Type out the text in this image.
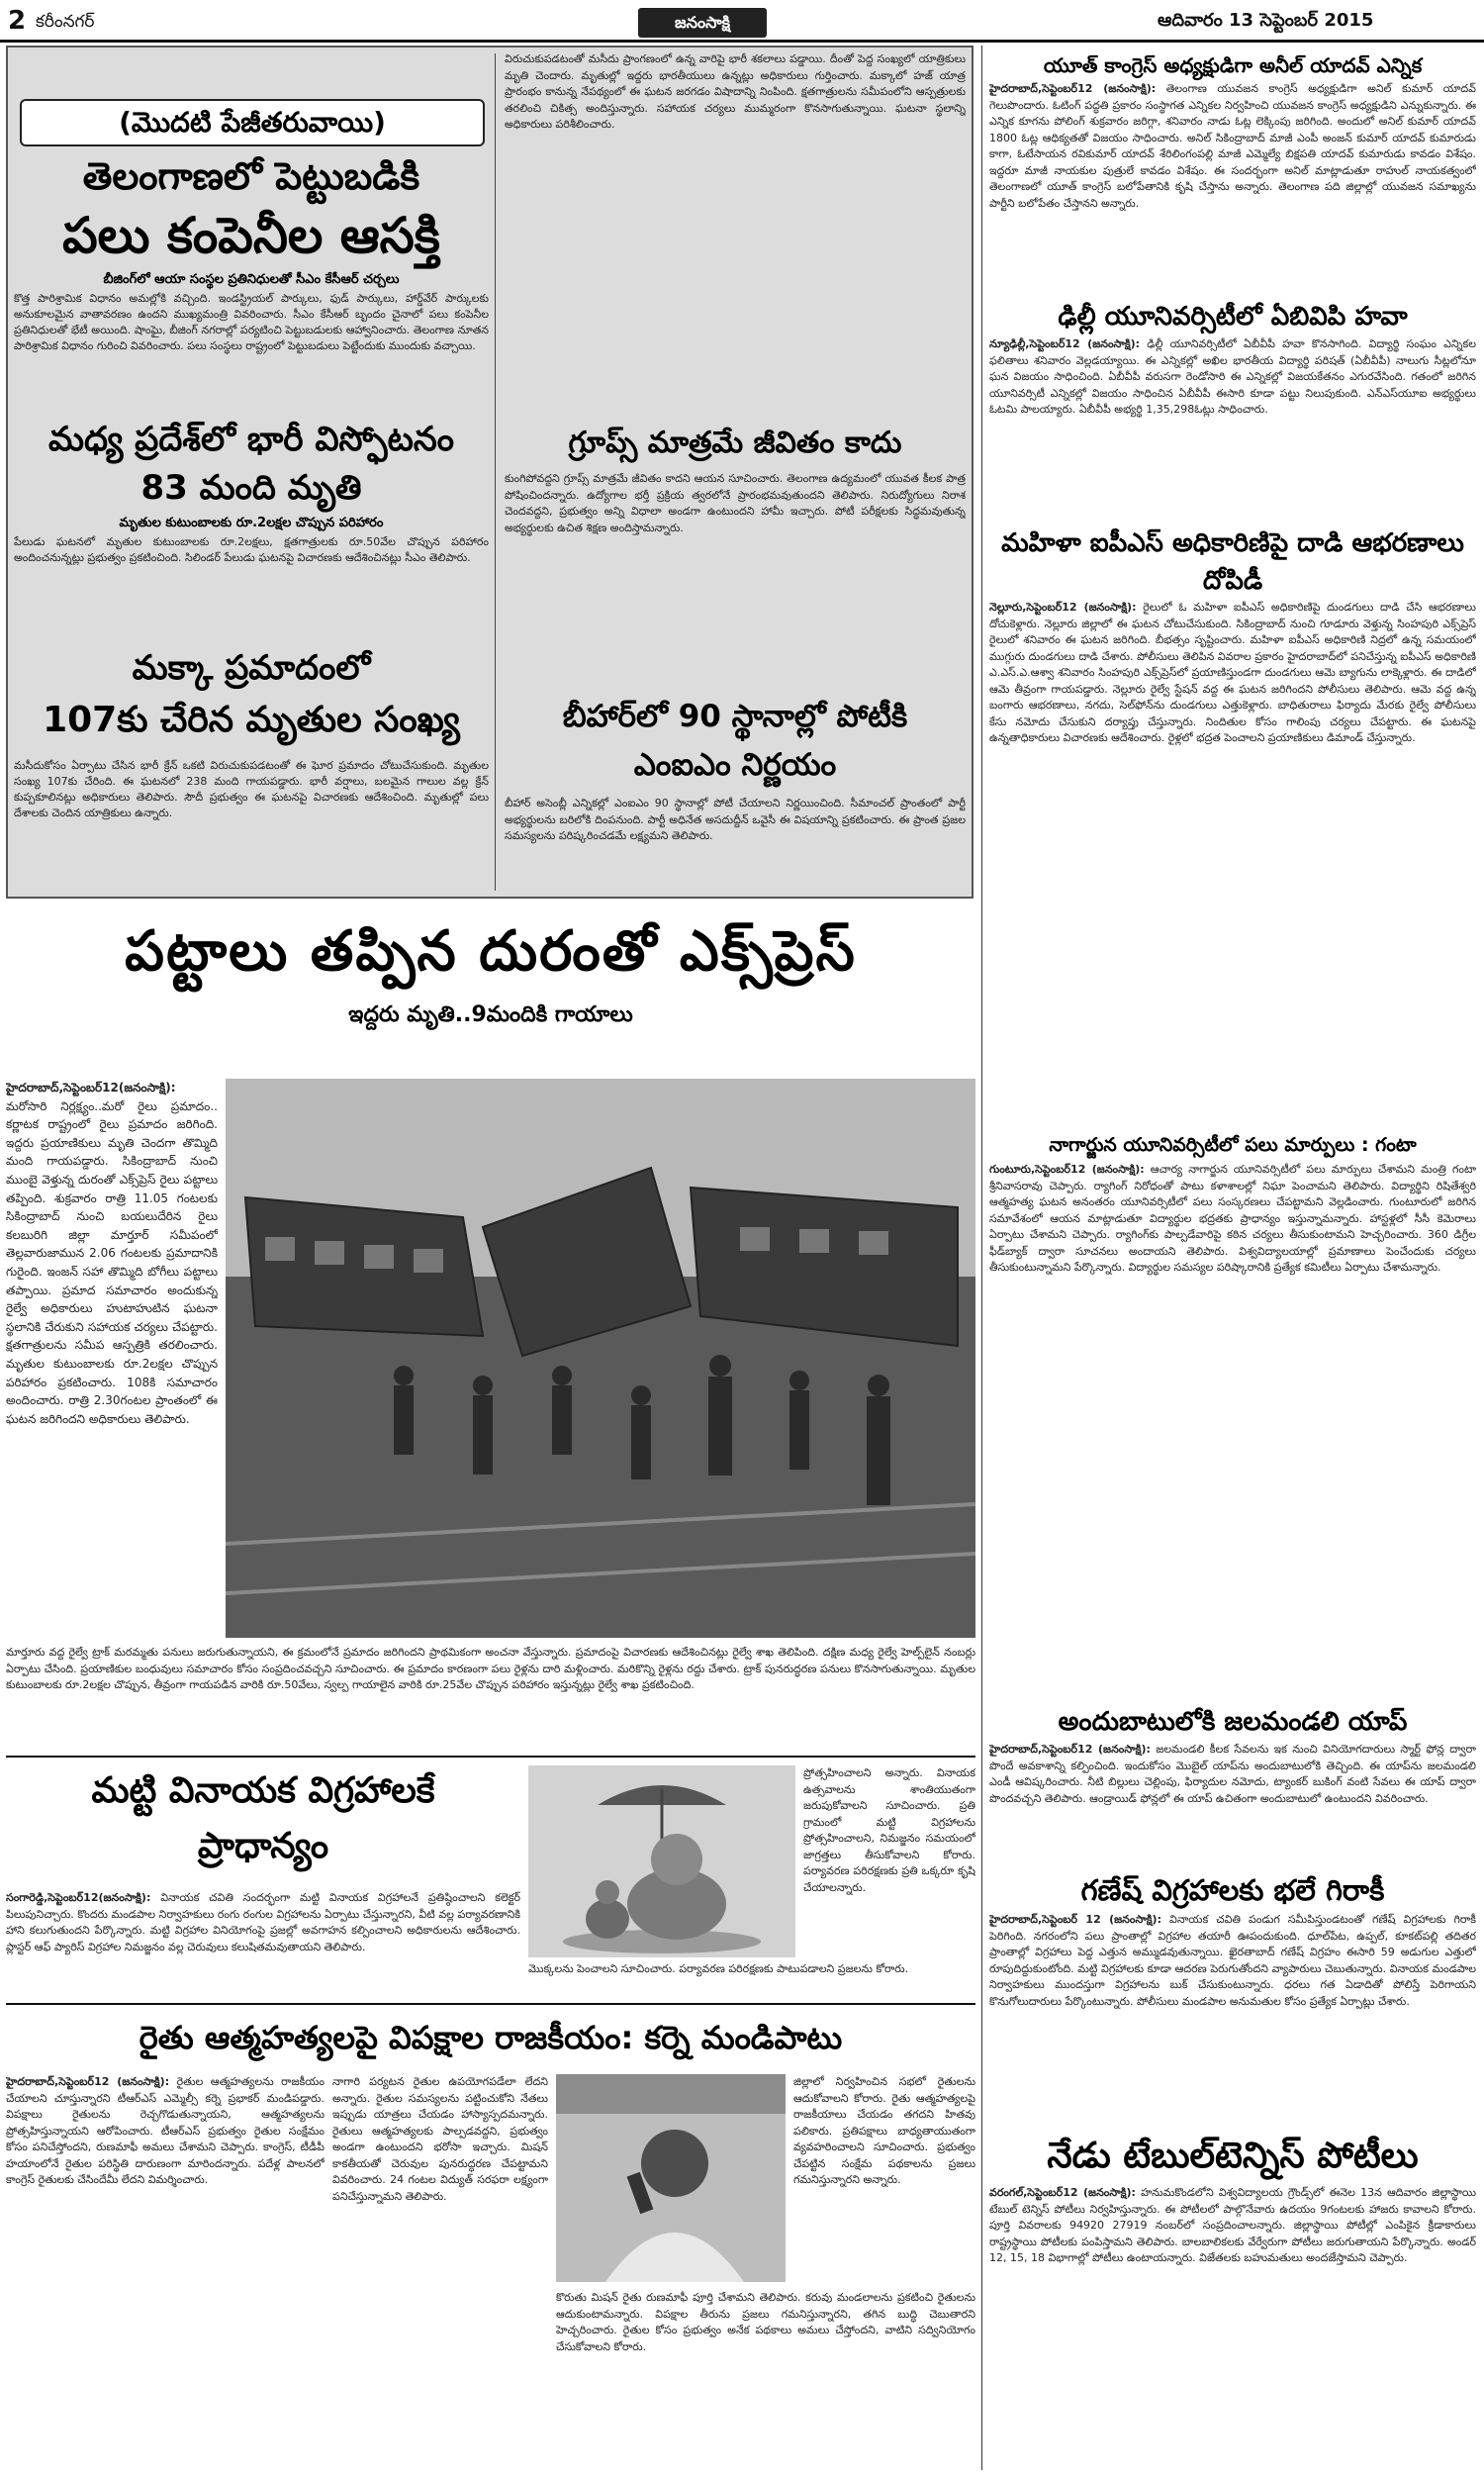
2 కరీంనగర్	జనంసాక్షి	ఆదివారం 13 సెప్టెంబర్ 2015
(మొదటి పేజీతరువాయి)
తెలంగాణలో పెట్టుబడికి
పలు కంపెనీల ఆసక్తి
బీజింగ్‌లో ఆయా సంస్థల ప్రతినిధులతో సీఎం కేసీఆర్ చర్చలు

కొత్త పారిశ్రామిక విధానం అమల్లోకి వచ్చింది. ఇండస్ట్రియల్ పార్కులు, ఫుడ్ పార్కులు, హార్డ్‌వేర్ పార్కులకు అనుకూలమైన వాతావరణం ఉందని ముఖ్యమంత్రి వివరించారు. సీఎం కేసీఆర్ బృందం చైనాలో పలు కంపెనీల ప్రతినిధులతో భేటీ అయింది. షాంఘై, బీజింగ్ నగరాల్లో పర్యటించి పెట్టుబడులకు ఆహ్వానించారు. తెలంగాణ నూతన పారిశ్రామిక విధానం గురించి వివరించారు. పలు సంస్థలు రాష్ట్రంలో పెట్టుబడులు పెట్టేందుకు ముందుకు వచ్చాయి.

మధ్య ప్రదేశ్‌లో భారీ విస్ఫోటనం
83 మంది మృతి
మృతుల కుటుంబాలకు రూ.2లక్షల చొప్పున పరిహారం

పేలుడు ఘటనలో మృతుల కుటుంబాలకు రూ.2లక్షలు, క్షతగాత్రులకు రూ.50వేల చొప్పున పరిహారం అందించనున్నట్లు ప్రభుత్వం ప్రకటించింది. సిలిండర్ పేలుడు ఘటనపై విచారణకు ఆదేశించినట్లు సీఎం తెలిపారు.

మక్కా ప్రమాదంలో
107కు చేరిన మృతుల సంఖ్య

మసీదుకోసం ఏర్పాటు చేసిన భారీ క్రేన్ ఒకటి విరుచుకుపడటంతో ఈ ఘోర ప్రమాదం చోటుచేసుకుంది. మృతుల సంఖ్య 107కు చేరింది. ఈ ఘటనలో 238 మంది గాయపడ్డారు. భారీ వర్షాలు, బలమైన గాలుల వల్ల క్రేన్ కుప్పకూలినట్లు అధికారులు తెలిపారు. సౌదీ ప్రభుత్వం ఈ ఘటనపై విచారణకు ఆదేశించింది. మృతుల్లో పలు దేశాలకు చెందిన యాత్రికులు ఉన్నారు.

విరుచుకుపడటంతో మసీదు ప్రాంగణంలో ఉన్న వారిపై భారీ శకలాలు పడ్డాయి. దీంతో పెద్ద సంఖ్యలో యాత్రికులు మృతి చెందారు. మృతుల్లో ఇద్దరు భారతీయులు ఉన్నట్లు అధికారులు గుర్తించారు. మక్కాలో హజ్ యాత్ర ప్రారంభం కానున్న నేపథ్యంలో ఈ ఘటన జరగడం విషాదాన్ని నింపింది. క్షతగాత్రులను సమీపంలోని ఆస్పత్రులకు తరలించి చికిత్స అందిస్తున్నారు. సహాయక చర్యలు ముమ్మరంగా కొనసాగుతున్నాయి. ఘటనా స్థలాన్ని అధికారులు పరిశీలించారు.

గ్రూప్స్ మాత్రమే జీవితం కాదు

కుంగిపోవద్దని గ్రూప్స్ మాత్రమే జీవితం కాదని ఆయన సూచించారు. తెలంగాణ ఉద్యమంలో యువత కీలక పాత్ర పోషించిందన్నారు. ఉద్యోగాల భర్తీ ప్రక్రియ త్వరలోనే ప్రారంభమవుతుందని తెలిపారు. నిరుద్యోగులు నిరాశ చెందవద్దని, ప్రభుత్వం అన్ని విధాలా అండగా ఉంటుందని హామీ ఇచ్చారు. పోటీ పరీక్షలకు సిద్ధమవుతున్న అభ్యర్థులకు ఉచిత శిక్షణ అందిస్తామన్నారు.

బీహార్‌లో 90 స్థానాల్లో పోటీకి
ఎంఐఎం నిర్ణయం

బీహార్ అసెంబ్లీ ఎన్నికల్లో ఎంఐఎం 90 స్థానాల్లో పోటీ చేయాలని నిర్ణయించింది. సీమాంచల్ ప్రాంతంలో పార్టీ అభ్యర్థులను బరిలోకి దింపనుంది. పార్టీ అధినేత అసదుద్దీన్ ఒవైసీ ఈ విషయాన్ని ప్రకటించారు. ఈ ప్రాంత ప్రజల సమస్యలను పరిష్కరించడమే లక్ష్యమని తెలిపారు.

యూత్ కాంగ్రెస్ అధ్యక్షుడిగా అనీల్ యాదవ్ ఎన్నిక

హైదరాబాద్,సెప్టెంబర్12 (జనంసాక్షి): తెలంగాణ యువజన కాంగ్రెస్ అధ్యక్షుడిగా అనిల్ కుమార్ యాదవ్ గెలుపొందారు. ఓటింగ్ పద్ధతి ప్రకారం సంస్థాగత ఎన్నికల నిర్వహించి యువజన కాంగ్రెస్ అధ్యక్షుడిని ఎన్నుకున్నారు. ఈ ఎన్నిక కూగను పోలింగ్ శుక్రవారం జరిగ్గా, శనివారం నాడు ఓట్ల లెక్కింపు జరిగింది. అందులో అనిల్ కుమార్ యాదవ్ 1800 ఓట్ల ఆధిక్యతతో విజయం సాధించారు. అనిల్ సికింద్రాబాద్ మాజీ ఎంపీ అంజన్ కుమార్ యాదవ్ కుమారుడు కాగా, ఓటేసాయన రవికుమార్ యాదవ్ శేరిలింగంపల్లి మాజీ ఎమ్మెల్యే బిక్షపతి యాదవ్ కుమారుడు కావడం విశేషం. ఇద్దరూ మాజీ నాయకుల పుత్రులే కావడం విశేషం. ఈ సందర్భంగా అనిల్ మాట్లాడుతూ రాహుల్ నాయకత్వంలో తెలంగాణలో యూత్ కాంగ్రెస్ బలోపేతానికి కృషి చేస్తాను అన్నారు. తెలంగాణ పది జిల్లాల్లో యువజన సమాఖ్యను పార్టీని బలోపేతం చేస్తానని అన్నారు.

ఢిల్లీ యూనివర్సిటీలో ఏబివిపి హవా

న్యూఢిల్లీ,సెప్టెంబర్12 (జనంసాక్షి): ఢిల్లీ యూనివర్సిటీలో ఏబీవీపీ హవా కొనసాగింది. విద్యార్థి సంఘం ఎన్నికల ఫలితాలు శనివారం వెల్లడయ్యాయి. ఈ ఎన్నికల్లో అఖిల భారతీయ విద్యార్థి పరిషత్ (ఏబీవీపీ) నాలుగు సీట్లలోనూ ఘన విజయం సాధించింది. ఏబీవీపీ వరుసగా రెండోసారి ఈ ఎన్నికల్లో విజయకేతనం ఎగురవేసింది. గతంలో జరిగిన యూనివర్సిటీ ఎన్నికల్లో విజయం సాధించిన ఏబీవీపీ ఈసారి కూడా పట్టు నిలుపుకుంది. ఎన్ఎస్‌యూఐ అభ్యర్థులు ఓటమి పాలయ్యారు. ఏబీవీపీ అభ్యర్థి 1,35,298ఓట్లు సాధించారు.

మహిళా ఐపీఎస్ అధికారిణిపై దాడి ఆభరణాలు దోపిడీ

నెల్లూరు,సెప్టెంబర్12 (జనంసాక్షి): రైలులో ఓ మహిళా ఐపీఎస్ అధికారిణిపై దుండగులు దాడి చేసి ఆభరణాలు దోచుకెళ్లారు. నెల్లూరు జిల్లాలో ఈ ఘటన చోటుచేసుకుంది. సికింద్రాబాద్ నుంచి గూడూరు వెళ్తున్న సింహపురి ఎక్స్‌ప్రెస్ రైలులో శనివారం ఈ ఘటన జరిగింది. బీభత్సం సృష్టించారు. మహిళా ఐపీఎస్ అధికారిణి నిద్రలో ఉన్న సమయంలో ముగ్గురు దుండగులు దాడి చేశారు. పోలీసులు తెలిపిన వివరాల ప్రకారం హైదరాబాద్‌లో పనిచేస్తున్న ఐపీఎస్ అధికారిణి ఎ.ఎస్.ఎ.ఆశ్వా శనివారం సింహపురి ఎక్స్‌ప్రెస్‌లో ప్రయాణిస్తుండగా దుండగులు ఆమె బ్యాగును లాక్కెళ్లారు. ఈ దాడిలో ఆమె తీవ్రంగా గాయపడ్డారు. నెల్లూరు రైల్వే స్టేషన్ వద్ద ఈ ఘటన జరిగిందని పోలీసులు తెలిపారు. ఆమె వద్ద ఉన్న బంగారు ఆభరణాలు, నగదు, సెల్‌ఫోన్‌ను దుండగులు ఎత్తుకెళ్లారు. బాధితురాలు ఫిర్యాదు మేరకు రైల్వే పోలీసులు కేసు నమోదు చేసుకుని దర్యాప్తు చేస్తున్నారు. నిందితుల కోసం గాలింపు చర్యలు చేపట్టారు. ఈ ఘటనపై ఉన్నతాధికారులు విచారణకు ఆదేశించారు. రైళ్లలో భద్రత పెంచాలని ప్రయాణికులు డిమాండ్ చేస్తున్నారు.

నాగార్జున యూనివర్సిటీలో పలు మార్పులు : గంటా

గుంటూరు,సెప్టెంబర్12 (జనంసాక్షి): ఆచార్య నాగార్జున యూనివర్సిటీలో పలు మార్పులు చేశామని మంత్రి గంటా శ్రీనివాసరావు చెప్పారు. ర్యాగింగ్ నిరోధంతో పాటు కళాశాలల్లో నిఘా పెంచామని తెలిపారు. విద్యార్థిని రిషితేశ్వరి ఆత్మహత్య ఘటన అనంతరం యూనివర్సిటీలో పలు సంస్కరణలు చేపట్టామని వెల్లడించారు. గుంటూరులో జరిగిన సమావేశంలో ఆయన మాట్లాడుతూ విద్యార్థుల భద్రతకు ప్రాధాన్యం ఇస్తున్నామన్నారు. హాస్టళ్లలో సీసీ కెమెరాలు ఏర్పాటు చేశామని చెప్పారు. ర్యాగింగ్‌కు పాల్పడేవారిపై కఠిన చర్యలు తీసుకుంటామని హెచ్చరించారు. 360 డిగ్రీల ఫీడ్‌బ్యాక్ ద్వారా సూచనలు అందాయని తెలిపారు. విశ్వవిద్యాలయాల్లో ప్రమాణాలు పెంచేందుకు చర్యలు తీసుకుంటున్నామని పేర్కొన్నారు. విద్యార్థుల సమస్యల పరిష్కారానికి ప్రత్యేక కమిటీలు ఏర్పాటు చేశామన్నారు.

అందుబాటులోకి జలమండలి యాప్

హైదరాబాద్,సెప్టెంబర్12 (జనంసాక్షి): జలమండలి కీలక సేవలను ఇక నుంచి వినియోగదారులు స్మార్ట్ ఫోన్ల ద్వారా పొందే అవకాశాన్ని కల్పించింది. ఇందుకోసం మొబైల్ యాప్‌ను అందుబాటులోకి తెచ్చింది. ఈ యాప్‌ను జలమండలి ఎండీ ఆవిష్కరించారు. నీటి బిల్లులు చెల్లింపు, ఫిర్యాదుల నమోదు, ట్యాంకర్ బుకింగ్ వంటి సేవలు ఈ యాప్ ద్వారా పొందవచ్చని తెలిపారు. ఆండ్రాయిడ్ ఫోన్లలో ఈ యాప్ ఉచితంగా అందుబాటులో ఉంటుందని వివరించారు.

గణేష్ విగ్రహాలకు భలే గిరాకీ

హైదరాబాద్,సెప్టెంబర్ 12 (జనంసాక్షి): వినాయక చవితి పండుగ సమీపిస్తుండటంతో గణేష్ విగ్రహాలకు గిరాకీ పెరిగింది. నగరంలోని పలు ప్రాంతాల్లో విగ్రహాల తయారీ ఊపందుకుంది. ధూల్‌పేట, ఉప్పల్, కూకట్‌పల్లి తదితర ప్రాంతాల్లో విగ్రహాలు పెద్ద ఎత్తున అమ్ముడవుతున్నాయి. ఖైరతాబాద్ గణేష్ విగ్రహం ఈసారి 59 అడుగుల ఎత్తులో రూపుదిద్దుకుంటోంది. మట్టి విగ్రహాలకు కూడా ఆదరణ పెరుగుతోందని వ్యాపారులు చెబుతున్నారు. వినాయక మండపాల నిర్వాహకులు ముందస్తుగా విగ్రహాలను బుక్ చేసుకుంటున్నారు. ధరలు గత ఏడాదితో పోలిస్తే పెరిగాయని కొనుగోలుదారులు పేర్కొంటున్నారు. పోలీసులు మండపాల అనుమతుల కోసం ప్రత్యేక ఏర్పాట్లు చేశారు.

నేడు టేబుల్‌టెన్నిస్ పోటీలు

వరంగల్,సెప్టెంబర్12 (జనంసాక్షి): హనుమకొండలోని విశ్వవిద్యాలయ గ్రౌండ్స్‌లో ఈనెల 13న ఆదివారం జిల్లాస్థాయి టేబుల్ టెన్నిస్ పోటీలు నిర్వహిస్తున్నారు. ఈ పోటీలలో పాల్గొనేవారు ఉదయం 9గంటలకు హాజరు కావాలని కోరారు. పూర్తి వివరాలకు 94920 27919 నంబర్‌లో సంప్రదించాలన్నారు. జిల్లాస్థాయి పోటీల్లో ఎంపికైన క్రీడాకారులు రాష్ట్రస్థాయి పోటీలకు పంపిస్తామని తెలిపారు. బాలబాలికలకు వేర్వేరుగా పోటీలు జరుగుతాయని పేర్కొన్నారు. అండర్ 12, 15, 18 విభాగాల్లో పోటీలు ఉంటాయన్నారు. విజేతలకు బహుమతులు అందజేస్తామని చెప్పారు.

పట్టాలు తప్పిన దురంతో ఎక్స్‌ప్రెస్
ఇద్దరు మృతి..9మందికి గాయాలు

హైదరాబాద్,సెప్టెంబర్12(జనంసాక్షి): మరోసారి నిర్లక్ష్యం..మరో రైలు ప్రమాదం.. కర్ణాటక రాష్ట్రంలో రైలు ప్రమాదం జరిగింది. ఇద్దరు ప్రయాణికులు మృతి చెందగా తొమ్మిది మంది గాయపడ్డారు. సికింద్రాబాద్ నుంచి ముంబై వెళ్తున్న దురంతో ఎక్స్‌ప్రెస్ రైలు పట్టాలు తప్పింది. శుక్రవారం రాత్రి 11.05 గంటలకు సికింద్రాబాద్ నుంచి బయలుదేరిన రైలు కలబురిగి జిల్లా మార్తూర్ సమీపంలో తెల్లవారుజామున 2.06 గంటలకు ప్రమాదానికి గురైంది. ఇంజన్ సహా తొమ్మిది బోగీలు పట్టాలు తప్పాయి. ప్రమాద సమాచారం అందుకున్న రైల్వే అధికారులు హుటాహుటిన ఘటనా స్థలానికి చేరుకుని సహాయక చర్యలు చేపట్టారు. క్షతగాత్రులను సమీప ఆస్పత్రికి తరలించారు. మృతుల కుటుంబాలకు రూ.2లక్షల చొప్పున పరిహారం ప్రకటించారు. 108కి సమాచారం అందించారు. రాత్రి 2.30గంటల ప్రాంతంలో ఈ ఘటన జరిగిందని అధికారులు తెలిపారు.

మార్తూరు వద్ద రైల్వే ట్రాక్ మరమ్మతు పనులు జరుగుతున్నాయని, ఈ క్రమంలోనే ప్రమాదం జరిగిందని ప్రాథమికంగా అంచనా వేస్తున్నారు. ప్రమాదంపై విచారణకు ఆదేశించినట్లు రైల్వే శాఖ తెలిపింది. దక్షిణ మధ్య రైల్వే హెల్ప్‌లైన్ నంబర్లు ఏర్పాటు చేసింది. ప్రయాణికుల బంధువులు సమాచారం కోసం సంప్రదించవచ్చని సూచించారు. ఈ ప్రమాదం కారణంగా పలు రైళ్లను దారి మళ్లించారు. మరికొన్ని రైళ్లను రద్దు చేశారు. ట్రాక్ పునరుద్ధరణ పనులు కొనసాగుతున్నాయి. మృతుల కుటుంబాలకు రూ.2లక్షల చొప్పున, తీవ్రంగా గాయపడిన వారికి రూ.50వేలు, స్వల్ప గాయాలైన వారికి రూ.25వేల చొప్పున పరిహారం ఇస్తున్నట్లు రైల్వే శాఖ ప్రకటించింది.

మట్టి వినాయక విగ్రహాలకే
ప్రాధాన్యం

సంగారెడ్డి,సెప్టెంబర్12(జనంసాక్షి): వినాయక చవితి సందర్భంగా మట్టి వినాయక విగ్రహాలనే ప్రతిష్ఠించాలని కలెక్టర్ పిలుపునిచ్చారు. కొందరు మండపాల నిర్వాహకులు రంగు రంగుల విగ్రహాలను ఏర్పాటు చేస్తున్నారని, వీటి వల్ల పర్యావరణానికి హాని కలుగుతుందని పేర్కొన్నారు. మట్టి విగ్రహాల వినియోగంపై ప్రజల్లో అవగాహన కల్పించాలని అధికారులను ఆదేశించారు. ప్లాస్టర్ ఆఫ్ ప్యారిస్ విగ్రహాల నిమజ్జనం వల్ల చెరువులు కలుషితమవుతాయని తెలిపారు.

ప్రోత్సహించాలని అన్నారు. వినాయక ఉత్సవాలను శాంతియుతంగా జరుపుకోవాలని సూచించారు. ప్రతి గ్రామంలో మట్టి విగ్రహాలను ప్రోత్సహించాలని, నిమజ్జనం సమయంలో జాగ్రత్తలు తీసుకోవాలని కోరారు. పర్యావరణ పరిరక్షణకు ప్రతి ఒక్కరూ కృషి చేయాలన్నారు.

మొక్కలను పెంచాలని సూచించారు. పర్యావరణ పరిరక్షణకు పాటుపడాలని ప్రజలను కోరారు.

రైతు ఆత్మహత్యలపై విపక్షాల రాజకీయం: కర్నె మండిపాటు

హైదరాబాద్,సెప్టెంబర్12 (జనంసాక్షి): రైతుల ఆత్మహత్యలను రాజకీయం చేయాలని చూస్తున్నారని టీఆర్ఎస్ ఎమ్మెల్సీ కర్నె ప్రభాకర్ మండిపడ్డారు. విపక్షాలు రైతులను రెచ్చగొడుతున్నాయని, ఆత్మహత్యలను ప్రోత్సహిస్తున్నాయని ఆరోపించారు. టీఆర్ఎస్ ప్రభుత్వం రైతుల సంక్షేమం కోసం పనిచేస్తోందని, రుణమాఫీ అమలు చేశామని చెప్పారు. కాంగ్రెస్, టీడీపీ హయాంలోనే రైతుల పరిస్థితి దారుణంగా మారిందన్నారు. పదేళ్ల పాలనలో కాంగ్రెస్ రైతులకు చేసిందేమీ లేదని విమర్శించారు.

నాగారి పర్యటన రైతుల ఉపయోగపడేలా లేదని అన్నారు. రైతుల సమస్యలను పట్టించుకోని నేతలు ఇప్పుడు యాత్రలు చేయడం హాస్యాస్పదమన్నారు. రైతులు ఆత్మహత్యలకు పాల్పడవద్దని, ప్రభుత్వం అండగా ఉంటుందని భరోసా ఇచ్చారు. మిషన్ కాకతీయతో చెరువుల పునరుద్ధరణ చేపట్టామని వివరించారు. 24 గంటల విద్యుత్ సరఫరా లక్ష్యంగా పనిచేస్తున్నామని తెలిపారు.

జిల్లాలో నిర్వహించిన సభలో రైతులను ఆదుకోవాలని కోరారు. రైతు ఆత్మహత్యలపై రాజకీయాలు చేయడం తగదని హితవు పలికారు. ప్రతిపక్షాలు బాధ్యతాయుతంగా వ్యవహరించాలని సూచించారు. ప్రభుత్వం చేపట్టిన సంక్షేమ పథకాలను ప్రజలు గమనిస్తున్నారని అన్నారు.

కొరుతు మిషన్ రైతు రుణమాఫీ పూర్తి చేశామని తెలిపారు. కరువు మండలాలను ప్రకటించి రైతులను ఆదుకుంటామన్నారు. విపక్షాల తీరును ప్రజలు గమనిస్తున్నారని, తగిన బుద్ధి చెబుతారని హెచ్చరించారు. రైతుల కోసం ప్రభుత్వం అనేక పథకాలు అమలు చేస్తోందని, వాటిని సద్వినియోగం చేసుకోవాలని కోరారు.
